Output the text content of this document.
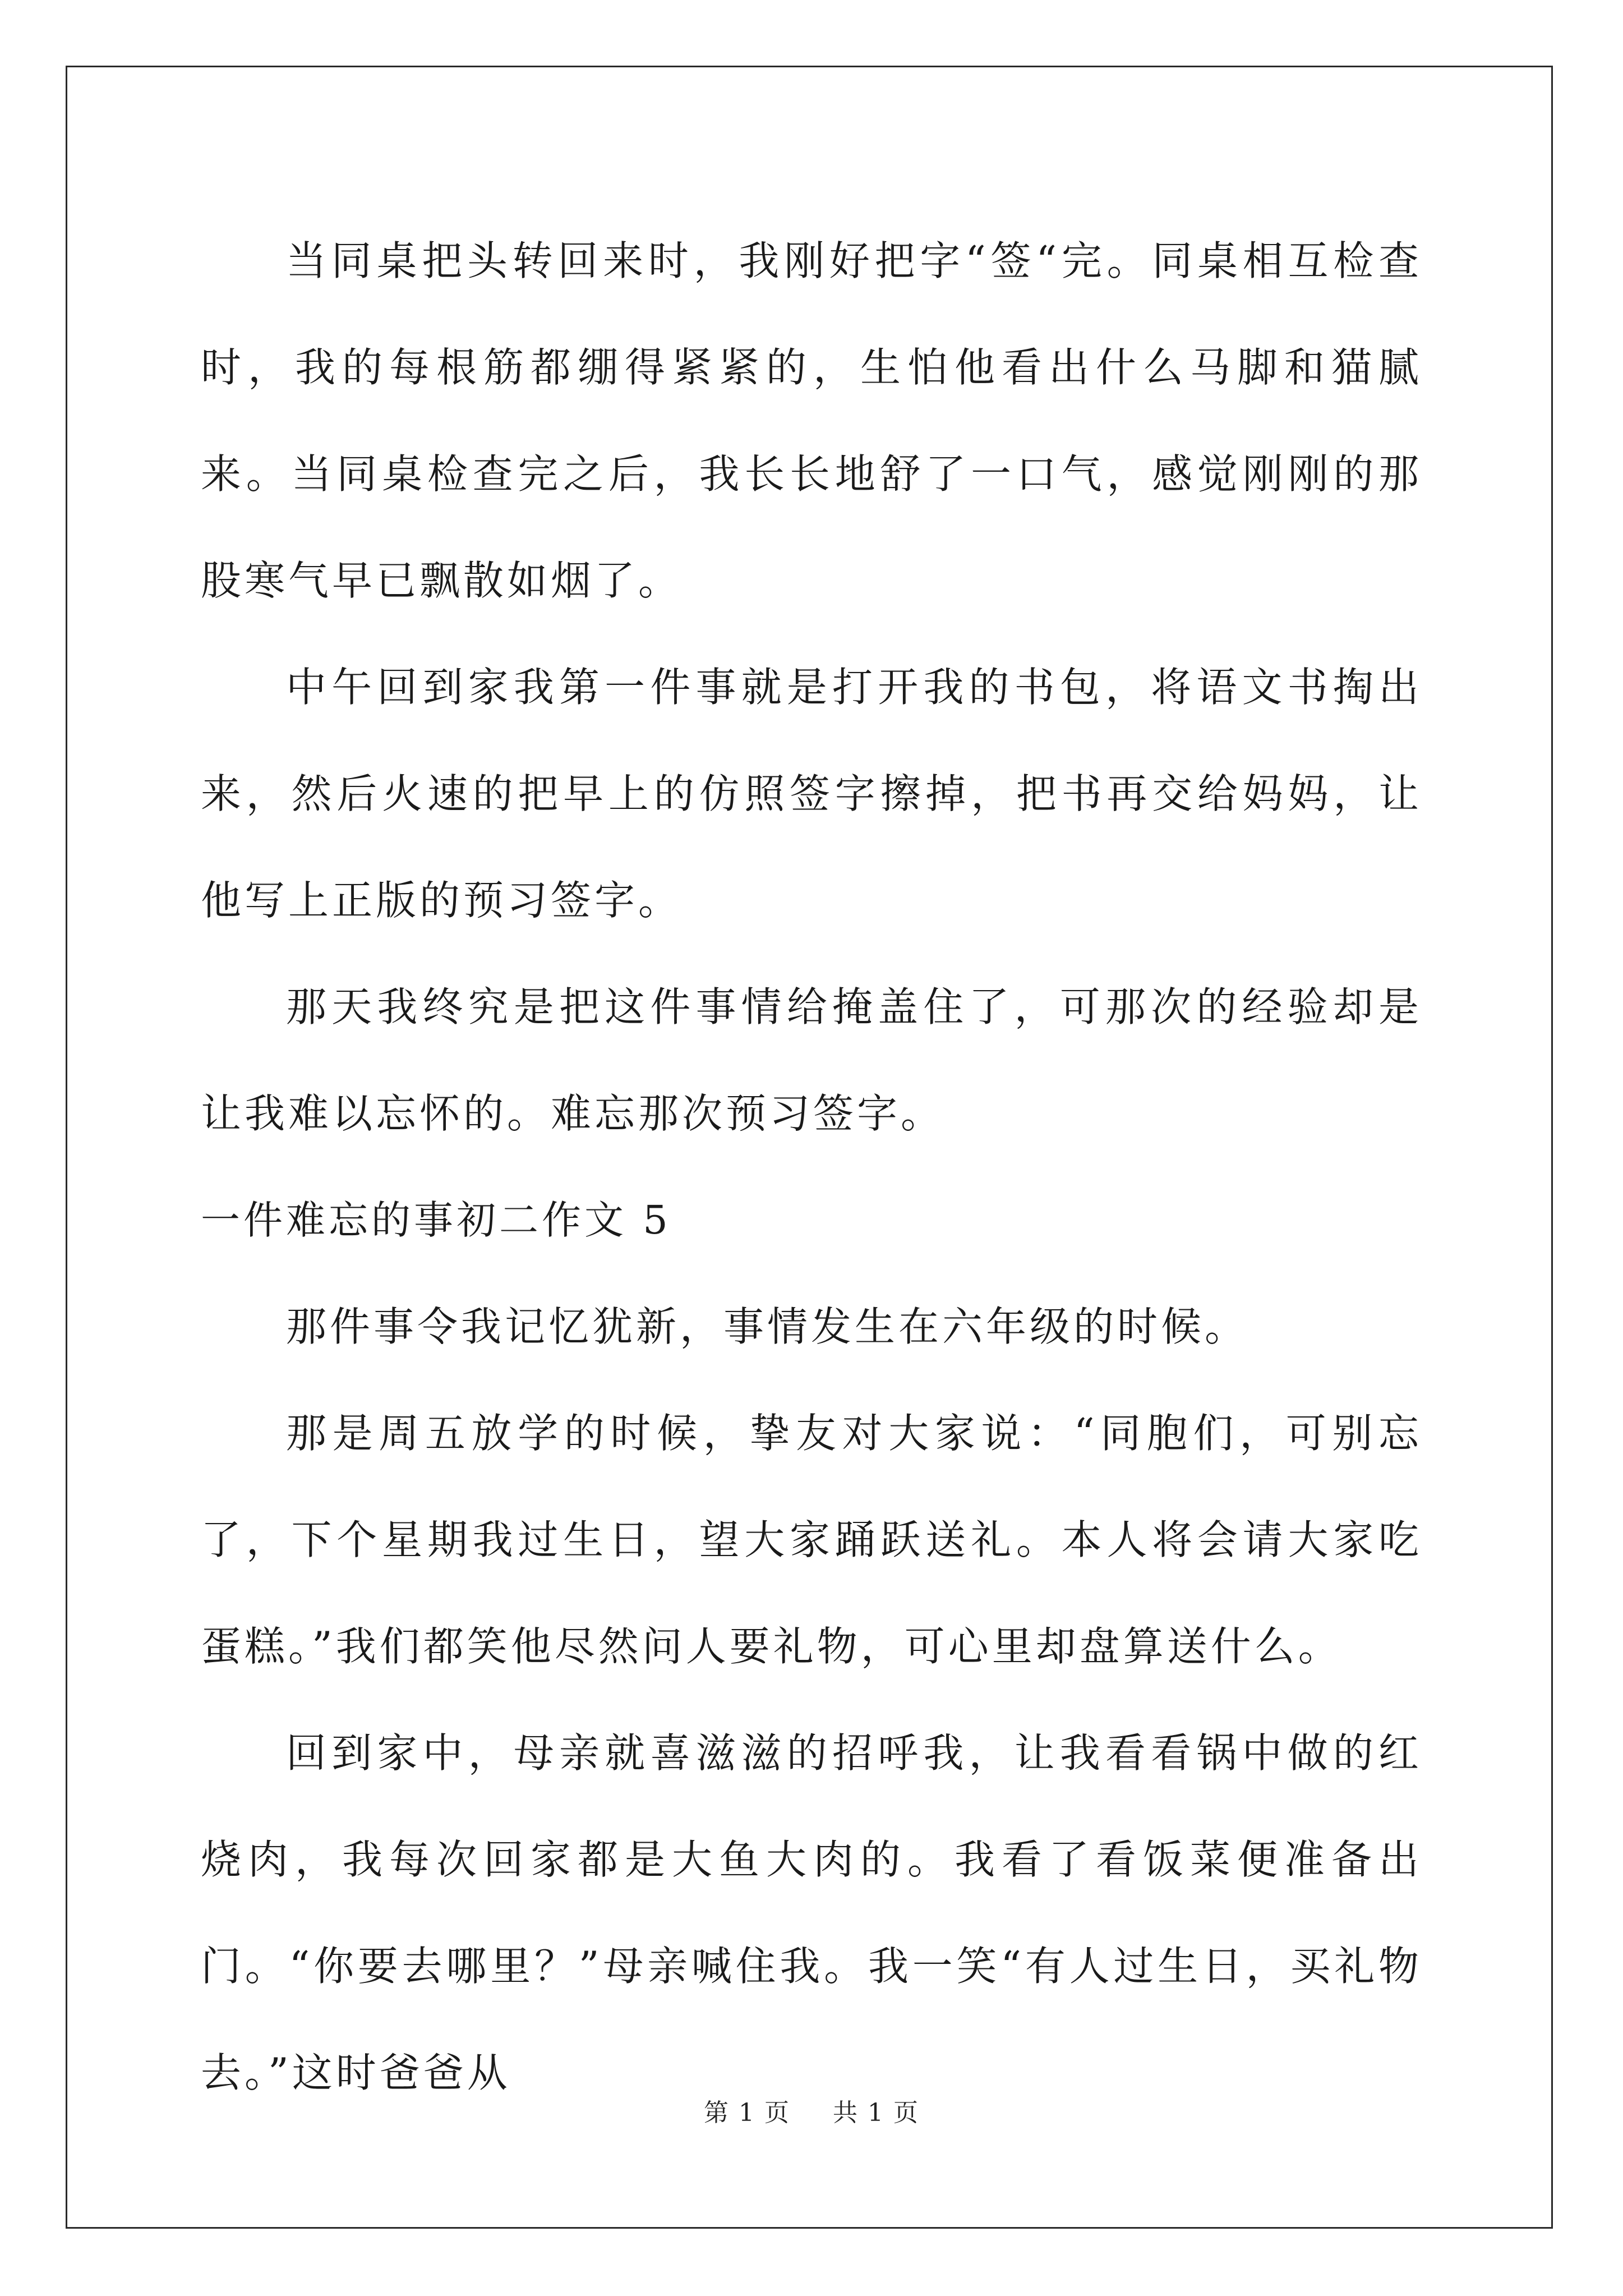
当同桌把头转回来时，我刚好把字“签“完。同桌相互检查时，我的每根筋都绷得紧紧的，生怕他看出什么马脚和猫腻来。当同桌检查完之后，我长长地舒了一口气，感觉刚刚的那股寒气早已飘散如烟了。

中午回到家我第一件事就是打开我的书包，将语文书掏出来，然后火速的把早上的仿照签字擦掉，把书再交给妈妈，让他写上正版的预习签字。

那天我终究是把这件事情给掩盖住了，可那次的经验却是让我难以忘怀的。难忘那次预习签字。

一件难忘的事初二作文 5

那件事令我记忆犹新，事情发生在六年级的时候。

那是周五放学的时候，挚友对大家说：“同胞们，可别忘了，下个星期我过生日，望大家踊跃送礼。本人将会请大家吃蛋糕。”我们都笑他尽然问人要礼物，可心里却盘算送什么。

回到家中，母亲就喜滋滋的招呼我，让我看看锅中做的红烧肉，我每次回家都是大鱼大肉的。我看了看饭菜便准备出门。“你要去哪里？”母亲喊住我。我一笑“有人过生日，买礼物去。”这时爸爸从

第 1 页 共 1 页
